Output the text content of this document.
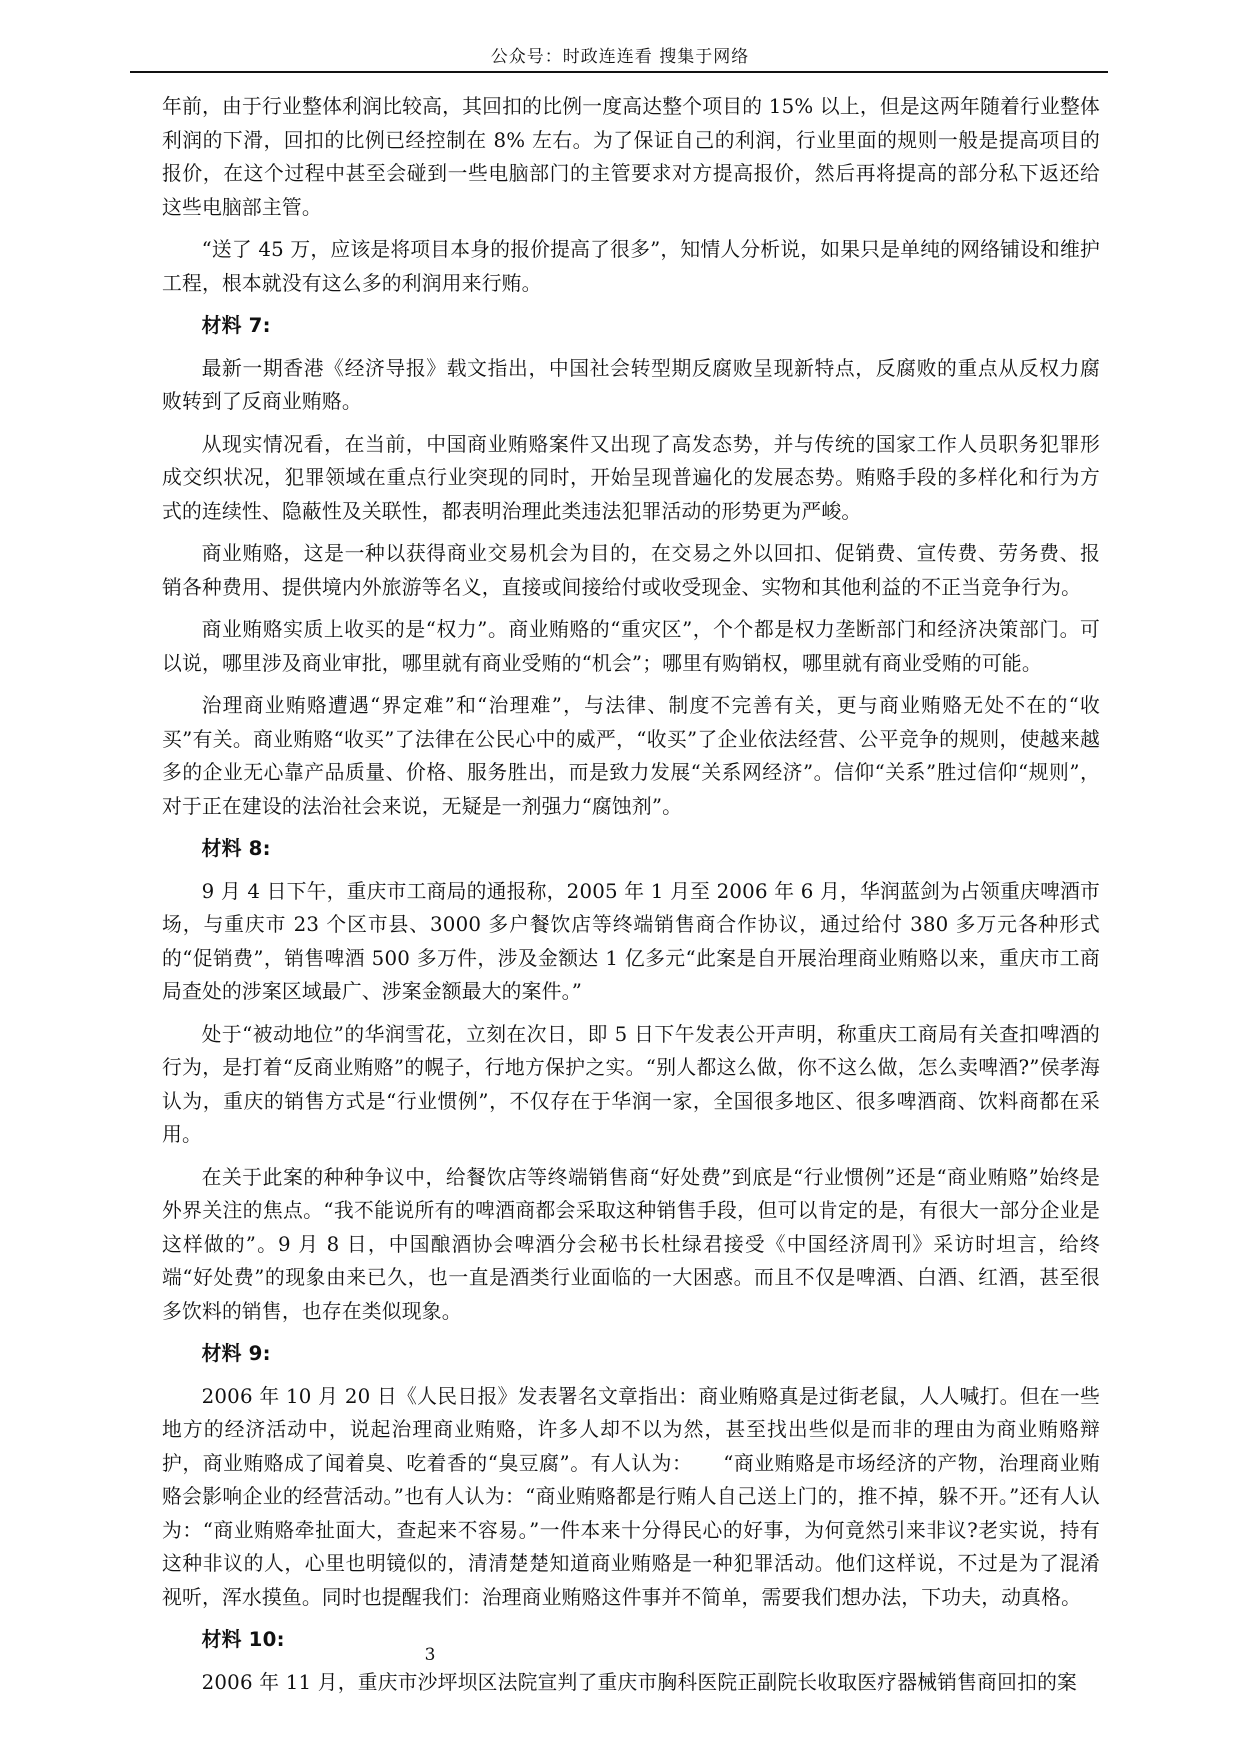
公众号：时政连连看 搜集于网络

年前，由于行业整体利润比较高，其回扣的比例一度高达整个项目的 15% 以上，但是这两年随着行业整体利润的下滑，回扣的比例已经控制在 8% 左右。为了保证自己的利润，行业里面的规则一般是提高项目的报价，在这个过程中甚至会碰到一些电脑部门的主管要求对方提高报价，然后再将提高的部分私下返还给这些电脑部主管。

“送了 45 万，应该是将项目本身的报价提高了很多”，知情人分析说，如果只是单纯的网络铺设和维护工程，根本就没有这么多的利润用来行贿。

材料 7:

最新一期香港《经济导报》载文指出，中国社会转型期反腐败呈现新特点，反腐败的重点从反权力腐败转到了反商业贿赂。

从现实情况看，在当前，中国商业贿赂案件又出现了高发态势，并与传统的国家工作人员职务犯罪形成交织状况，犯罪领域在重点行业突现的同时，开始呈现普遍化的发展态势。贿赂手段的多样化和行为方式的连续性、隐蔽性及关联性，都表明治理此类违法犯罪活动的形势更为严峻。

商业贿赂，这是一种以获得商业交易机会为目的，在交易之外以回扣、促销费、宣传费、劳务费、报销各种费用、提供境内外旅游等名义，直接或间接给付或收受现金、实物和其他利益的不正当竞争行为。

商业贿赂实质上收买的是“权力”。商业贿赂的“重灾区”，个个都是权力垄断部门和经济决策部门。可以说，哪里涉及商业审批，哪里就有商业受贿的“机会”；哪里有购销权，哪里就有商业受贿的可能。

治理商业贿赂遭遇“界定难”和“治理难”，与法律、制度不完善有关，更与商业贿赂无处不在的“收买”有关。商业贿赂“收买”了法律在公民心中的威严，“收买”了企业依法经营、公平竞争的规则，使越来越多的企业无心靠产品质量、价格、服务胜出，而是致力发展“关系网经济”。信仰“关系”胜过信仰“规则”，对于正在建设的法治社会来说，无疑是一剂强力“腐蚀剂”。

材料 8:

9 月 4 日下午，重庆市工商局的通报称，2005 年 1 月至 2006 年 6 月，华润蓝剑为占领重庆啤酒市场，与重庆市 23 个区市县、3000 多户餐饮店等终端销售商合作协议，通过给付 380 多万元各种形式的“促销费”，销售啤酒 500 多万件，涉及金额达 1 亿多元“此案是自开展治理商业贿赂以来，重庆市工商局查处的涉案区域最广、涉案金额最大的案件。”

处于“被动地位”的华润雪花，立刻在次日，即 5 日下午发表公开声明，称重庆工商局有关查扣啤酒的行为，是打着“反商业贿赂”的幌子，行地方保护之实。“别人都这么做，你不这么做，怎么卖啤酒?”侯孝海认为，重庆的销售方式是“行业惯例”，不仅存在于华润一家，全国很多地区、很多啤酒商、饮料商都在采用。

在关于此案的种种争议中，给餐饮店等终端销售商“好处费”到底是“行业惯例”还是“商业贿赂”始终是外界关注的焦点。“我不能说所有的啤酒商都会采取这种销售手段，但可以肯定的是，有很大一部分企业是这样做的”。9 月 8 日，中国酿酒协会啤酒分会秘书长杜绿君接受《中国经济周刊》采访时坦言，给终端“好处费”的现象由来已久，也一直是酒类行业面临的一大困惑。而且不仅是啤酒、白酒、红酒，甚至很多饮料的销售，也存在类似现象。

材料 9:

2006 年 10 月 20 日《人民日报》发表署名文章指出：商业贿赂真是过街老鼠，人人喊打。但在一些地方的经济活动中，说起治理商业贿赂，许多人却不以为然，甚至找出些似是而非的理由为商业贿赂辩护，商业贿赂成了闻着臭、吃着香的“臭豆腐”。有人认为：　　“商业贿赂是市场经济的产物，治理商业贿赂会影响企业的经营活动。”也有人认为：“商业贿赂都是行贿人自己送上门的，推不掉，躲不开。”还有人认为：“商业贿赂牵扯面大，查起来不容易。”一件本来十分得民心的好事，为何竟然引来非议?老实说，持有这种非议的人，心里也明镜似的，清清楚楚知道商业贿赂是一种犯罪活动。他们这样说，不过是为了混淆视听，浑水摸鱼。同时也提醒我们：治理商业贿赂这件事并不简单，需要我们想办法，下功夫，动真格。

材料 10:

2006 年 11 月，重庆市沙坪坝区法院宣判了重庆市胸科医院正副院长收取医疗器械销售商回扣的案

3
